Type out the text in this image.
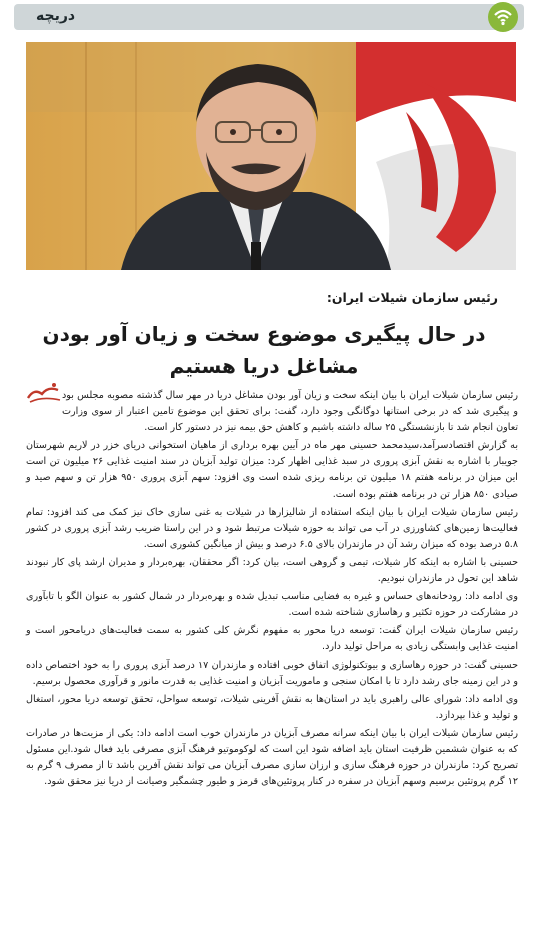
دریچه
رئیس سازمان شیلات ایران:
در حال پیگیری موضوع سخت و زیان آور بودن
مشاغل دریا هستیم

رئیس سازمان شیلات ایران با بیان اینکه سخت و زیان آور بودن مشاغل دریا در مهر سال گذشته مصوبه مجلس بود و پیگیری شد که در برخی استانها دوگانگی وجود دارد، گفت: برای تحقق این موضوع تامین اعتبار از سوی وزارت تعاون انجام شد تا بازنشستگی ۲۵ ساله داشته باشیم و کاهش حق بیمه نیز در دستور کار است.

به گزارش اقتصادسرآمد،سیدمحمد حسینی مهر ماه در آیین بهره برداری از ماهیان استخوانی دریای خزر در لاریم شهرستان جویبار با اشاره به نقش آبزی پروری در سبد غذایی اظهار کرد: میزان تولید آبزیان در سند امنیت غذایی ۲۶ میلیون تن است این میزان در برنامه هفتم ۱۸ میلیون تن برنامه ریزی شده است وی افزود: سهم آبزی پروری ۹۵۰ هزار تن و سهم صید و صیادی ۸۵۰ هزار تن در برنامه هفتم بوده است.

رئیس سازمان شیلات ایران با بیان اینکه استفاده از شالیزارها در شیلات به غنی سازی خاک نیز کمک می کند افزود: تمام فعالیت‌ها زمین‌های کشاورزی در آب می تواند به حوزه شیلات مرتبط شود و در این راستا ضریب رشد آبزی پروری در کشور ۵.۸ درصد بوده که میزان رشد آن در مازندران بالای ۶.۵ درصد و بیش از میانگین کشوری است.

حسینی با اشاره به اینکه کار شیلات، تیمی و گروهی است، بیان کرد: اگر محققان، بهره‌بردار و مدیران ارشد پای کار نبودند شاهد این تحول در مازندران نبودیم.

وی ادامه داد: رودخانه‌های حساس و غیره به فضایی مناسب تبدیل شده و بهره‌بردار در شمال کشور به عنوان الگو با تابآوری در مشارکت در حوزه تکثیر و رهاسازی شناخته شده است.

رئیس سازمان شیلات ایران گفت: توسعه دریا محور به مفهوم نگرش کلی کشور به سمت فعالیت‌های دریامحور است و امنیت غذایی وابستگی زیادی به مراحل تولید دارد.

حسینی گفت: در حوزه رهاسازی و بیوتکنولوژی اتفاق خوبی افتاده و مازندران ۱۷ درصد آبزی پروری را به خود اختصاص داده و در این زمینه جای رشد دارد تا با امکان سنجی و ماموریت آبزیان و امنیت غذایی به قدرت مانور و قرآوری محصول برسیم.

وی ادامه داد: شورای عالی راهبری باید در استان‌ها به نقش آفرینی شیلات، توسعه سواحل، تحقق توسعه دریا محور، استغال و تولید و غذا بپردازد.

رئیس سازمان شیلات ایران با بیان اینکه سرانه مصرف آبزیان در مازندران خوب است ادامه داد: یکی از مزیت‌ها در صادرات که به عنوان ششمین ظرفیت استان باید اضافه شود این است که لوکوموتیو فرهنگ آبزی مصرفی باید فعال شود.این مسئول تصریح کرد: مازندران در حوزه فرهنگ سازی و ارزان سازی مصرف آبزیان می تواند نقش آفرین باشد تا از مصرف ۹ گرم به ۱۲ گرم پروتئین برسیم وسهم آبزیان در سفره در کنار پروتئین‌های قرمز و طیور چشمگیر وصیانت از دریا نیز محقق شود.
